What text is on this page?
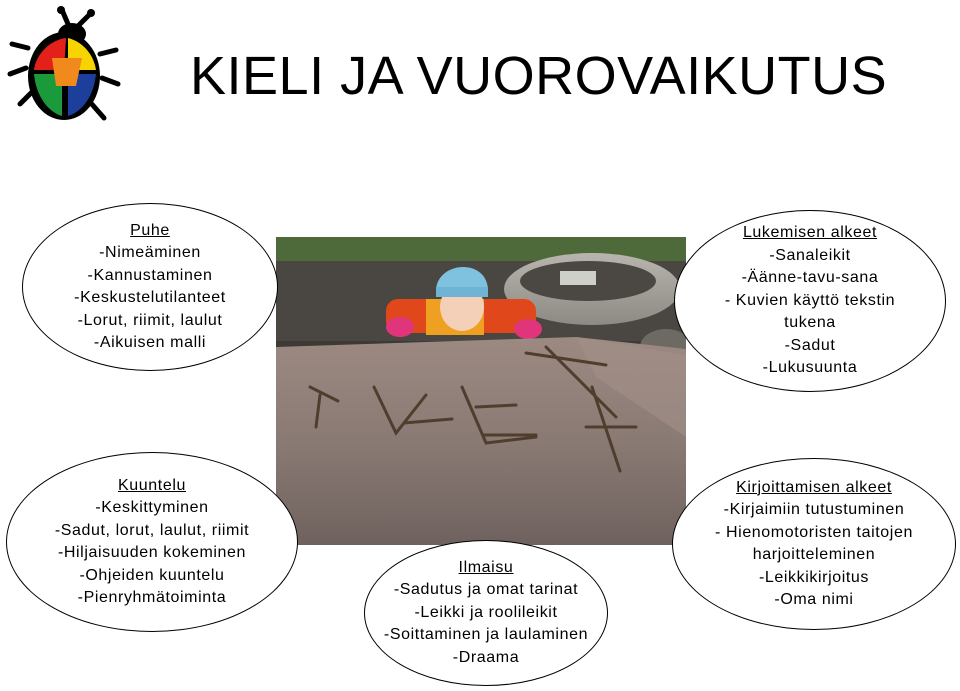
KIELI JA VUOROVAIKUTUS
Puhe
-Nimeäminen
-Kannustaminen
-Keskustelutilanteet
-Lorut, riimit, laulut
-Aikuisen malli
Lukemisen alkeet
-Sanaleikit
-Äänne-tavu-sana
- Kuvien käyttö tekstin
tukena
-Sadut
-Lukusuunta
Kuuntelu
-Keskittyminen
-Sadut, lorut, laulut, riimit
-Hiljaisuuden kokeminen
-Ohjeiden kuuntelu
-Pienryhmätoiminta
Ilmaisu
-Sadutus ja omat tarinat
-Leikki ja roolileikit
-Soittaminen ja laulaminen
-Draama
Kirjoittamisen alkeet
-Kirjaimiin tutustuminen
- Hienomotoristen taitojen
harjoitteleminen
-Leikkikirjoitus
-Oma nimi
